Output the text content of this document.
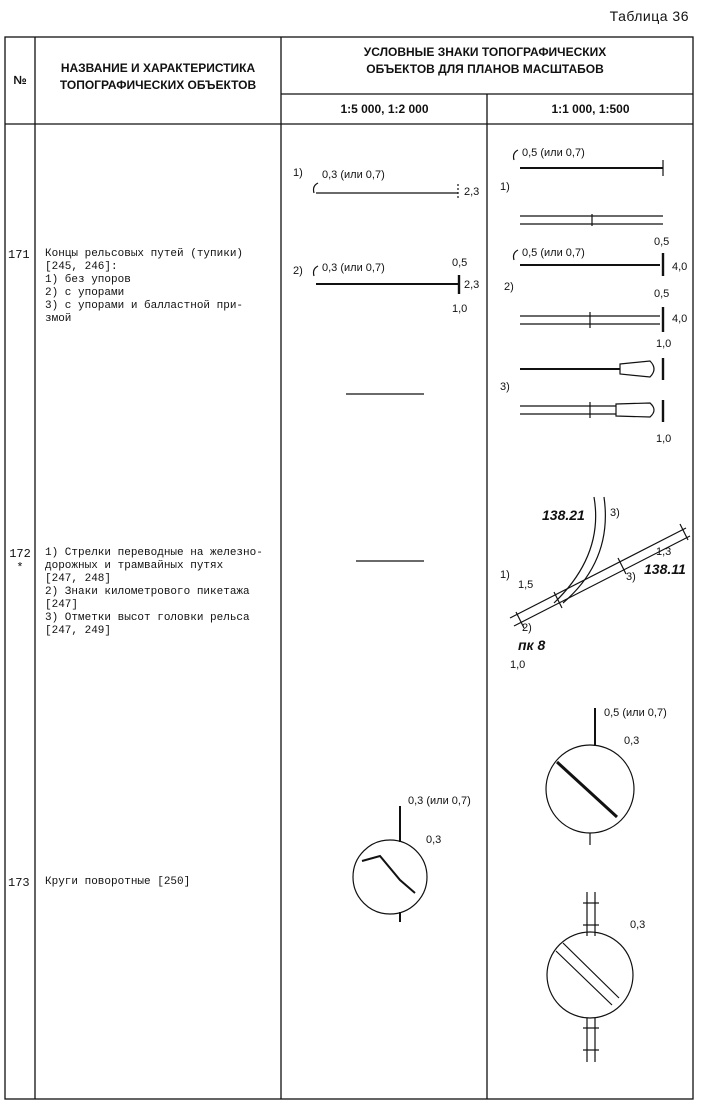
Таблица 36
№
НАЗВАНИЕ И ХАРАКТЕРИСТИКА ТОПОГРАФИЧЕСКИХ ОБЪЕКТОВ
УСЛОВНЫЕ ЗНАКИ ТОПОГРАФИЧЕСКИХ ОБЪЕКТОВ ДЛЯ ПЛАНОВ МАСШТАБОВ
1:5 000, 1:2 000	1:1 000, 1:500
171 Концы рельсовых путей (тупики) [245, 246]:
1) без упоров
2) с упорами
3) с упорами и балластной при-
змой
172
*
1) Стрелки переводные на железно-
дорожных и трамвайных путях
[247, 248]
2) Знаки километрового пикетажа
[247]
3) Отметки высот головки рельса
[247, 249]
173 Круги поворотные [250]
1) 0,3 (или 0,7)
2,3
2) 0,3 (или 0,7)	0,5
2,3
1,0
0,5 (или 0,7)
1)
0,5
0,5 (или 0,7)
4,0
2)
0,5
4,0
1,0
3)
1,0
138.21 3)
1,3
138.11
1)
1,5
3)
2)
пк 8
1,0
0,3 (или 0,7)
0,3
0,5 (или 0,7)
0,3
0,3
